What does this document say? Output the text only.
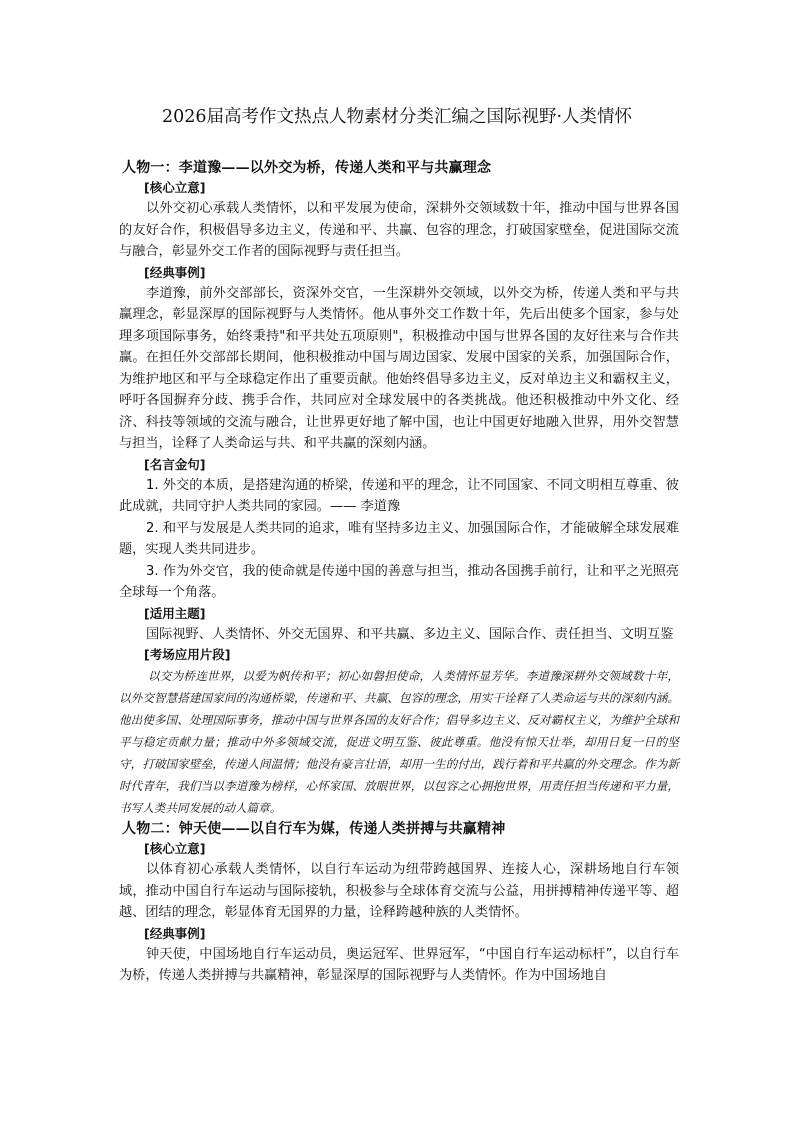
2026届高考作文热点人物素材分类汇编之国际视野·人类情怀
人物一：李道豫——以外交为桥，传递人类和平与共赢理念
[核心立意]

以外交初心承载人类情怀，以和平发展为使命，深耕外交领域数十年，推动中国与世界各国的友好合作，积极倡导多边主义，传递和平、共赢、包容的理念，打破国家壁垒，促进国际交流与融合，彰显外交工作者的国际视野与责任担当。

[经典事例]

李道豫，前外交部部长，资深外交官，一生深耕外交领域，以外交为桥，传递人类和平与共赢理念，彰显深厚的国际视野与人类情怀。他从事外交工作数十年，先后出使多个国家，参与处理多项国际事务，始终秉持"和平共处五项原则"，积极推动中国与世界各国的友好往来与合作共赢。在担任外交部部长期间，他积极推动中国与周边国家、发展中国家的关系，加强国际合作，为维护地区和平与全球稳定作出了重要贡献。他始终倡导多边主义，反对单边主义和霸权主义，呼吁各国摒弃分歧、携手合作，共同应对全球发展中的各类挑战。他还积极推动中外文化、经济、科技等领域的交流与融合，让世界更好地了解中国，也让中国更好地融入世界，用外交智慧与担当，诠释了人类命运与共、和平共赢的深刻内涵。

[名言金句]

1. 外交的本质，是搭建沟通的桥梁，传递和平的理念，让不同国家、不同文明相互尊重、彼此成就，共同守护人类共同的家园。—— 李道豫

2. 和平与发展是人类共同的追求，唯有坚持多边主义、加强国际合作，才能破解全球发展难题，实现人类共同进步。

3. 作为外交官，我的使命就是传递中国的善意与担当，推动各国携手前行，让和平之光照亮全球每一个角落。

[适用主题]

国际视野、人类情怀、外交无国界、和平共赢、多边主义、国际合作、责任担当、文明互鉴

[考场应用片段]

以交为桥连世界，以爱为帆传和平；初心如磐担使命，人类情怀显芳华。李道豫深耕外交领域数十年，以外交智慧搭建国家间的沟通桥梁，传递和平、共赢、包容的理念，用实干诠释了人类命运与共的深刻内涵。他出使多国、处理国际事务，推动中国与世界各国的友好合作；倡导多边主义、反对霸权主义，为维护全球和平与稳定贡献力量；推动中外多领域交流，促进文明互鉴、彼此尊重。他没有惊天壮举，却用日复一日的坚守，打破国家壁垒，传递人间温情；他没有豪言壮语，却用一生的付出，践行着和平共赢的外交理念。作为新时代青年，我们当以李道豫为榜样，心怀家国、放眼世界，以包容之心拥抱世界，用责任担当传递和平力量，书写人类共同发展的动人篇章。

人物二：钟天使——以自行车为媒，传递人类拼搏与共赢精神
[核心立意]

以体育初心承载人类情怀，以自行车运动为纽带跨越国界、连接人心，深耕场地自行车领域，推动中国自行车运动与国际接轨，积极参与全球体育交流与公益，用拼搏精神传递平等、超越、团结的理念，彰显体育无国界的力量，诠释跨越种族的人类情怀。

[经典事例]

钟天使，中国场地自行车运动员，奥运冠军、世界冠军，“中国自行车运动标杆”，以自行车为桥，传递人类拼搏与共赢精神，彰显深厚的国际视野与人类情怀。作为中国场地自
